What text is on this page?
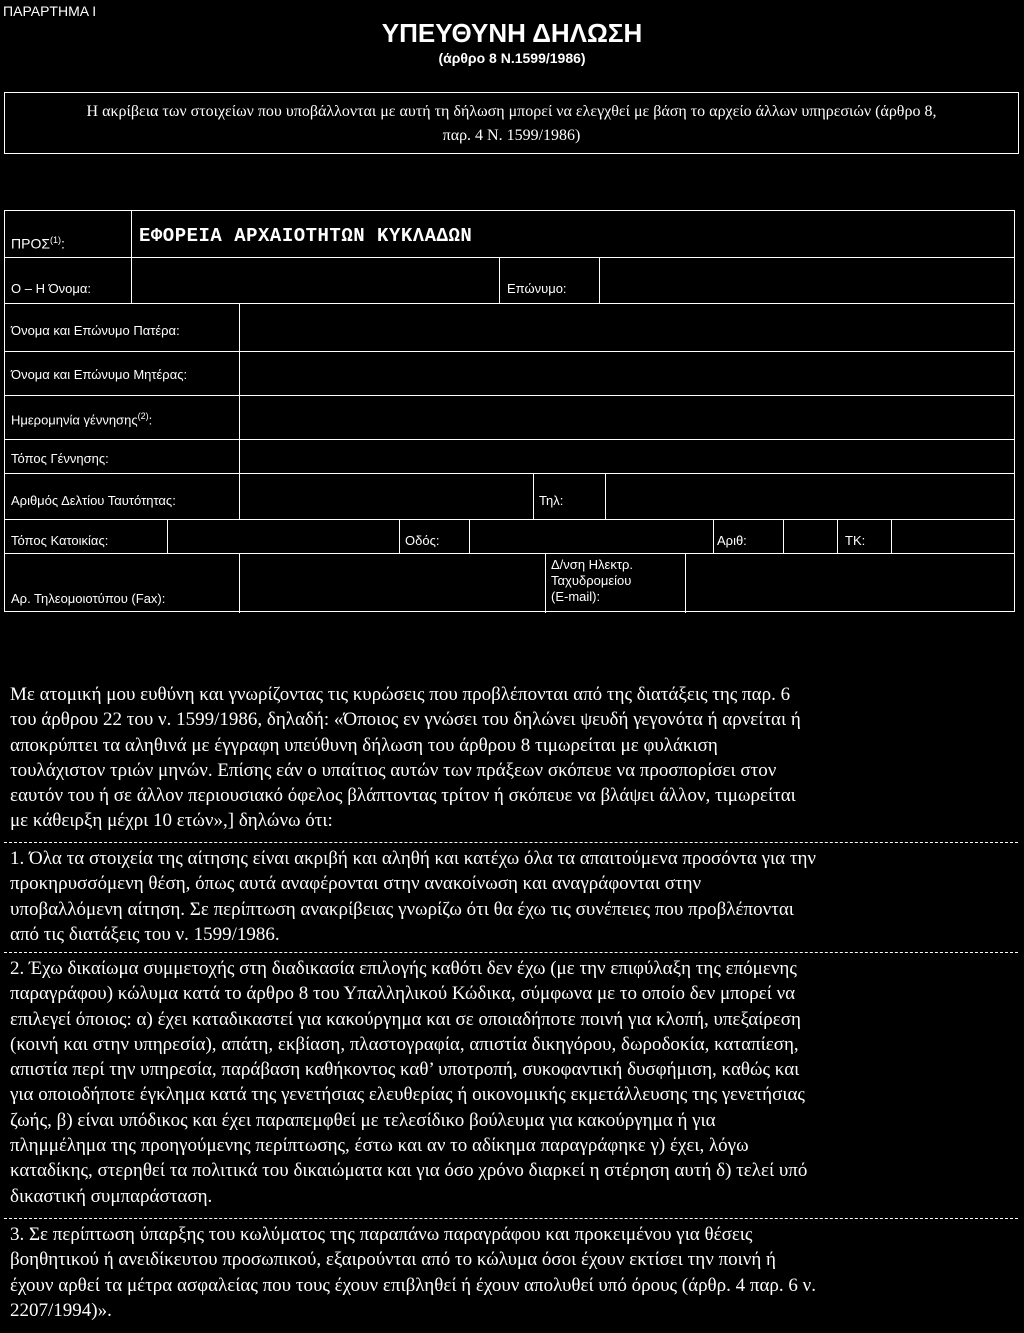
ΠΑΡΑΡΤΗΜΑ Ι
ΥΠΕΥΘΥΝΗ ΔΗΛΩΣΗ
(άρθρο 8 Ν.1599/1986)
Η ακρίβεια των στοιχείων που υποβάλλονται με αυτή τη δήλωση μπορεί να ελεγχθεί με βάση το αρχείο άλλων υπηρεσιών (άρθρο 8,
παρ. 4 Ν. 1599/1986)
ΠΡΟΣ$^{(1)}$:	ΕΦΟΡΕΙΑ ΑΡΧΑΙΟΤΗΤΩΝ ΚΥΚΛΑΔΩΝ
Ο – Η Όνομα:	Επώνυμο:
Όνομα και Επώνυμο Πατέρα:
Όνομα και Επώνυμο Μητέρας:
Ημερομηνία γέννησης$^{(2)}$:
Τόπος Γέννησης:
Αριθμός Δελτίου Ταυτότητας:	Τηλ:
Τόπος Κατοικίας:	Οδός:	Αριθ:	ΤΚ:
Αρ. Τηλεομοιοτύπου (Fax):
Δ/νση Ηλεκτρ.
Ταχυδρομείου
(E-mail):
Με ατομική μου ευθύνη και γνωρίζοντας τις κυρώσεις που προβλέπονται από της διατάξεις της παρ. 6
του άρθρου 22 του ν. 1599/1986, δηλαδή: «Όποιος εν γνώσει του δηλώνει ψευδή γεγονότα ή αρνείται ή
αποκρύπτει τα αληθινά με έγγραφη υπεύθυνη δήλωση του άρθρου 8 τιμωρείται με φυλάκιση
τουλάχιστον τριών μηνών. Επίσης εάν ο υπαίτιος αυτών των πράξεων σκόπευε να προσπορίσει στον
εαυτόν του ή σε άλλον περιουσιακό όφελος βλάπτοντας τρίτον ή σκόπευε να βλάψει άλλον, τιμωρείται
με κάθειρξη μέχρι 10 ετών»,] δηλώνω ότι:
1. Όλα τα στοιχεία της αίτησης είναι ακριβή και αληθή και κατέχω όλα τα απαιτούμενα προσόντα για την
προκηρυσσόμενη θέση, όπως αυτά αναφέρονται στην ανακοίνωση και αναγράφονται στην
υποβαλλόμενη αίτηση. Σε περίπτωση ανακρίβειας γνωρίζω ότι θα έχω τις συνέπειες που προβλέπονται
από τις διατάξεις του ν. 1599/1986.
2. Έχω δικαίωμα συμμετοχής στη διαδικασία επιλογής καθότι δεν έχω (με την επιφύλαξη της επόμενης
παραγράφου) κώλυμα κατά το άρθρο 8 του Υπαλληλικού Κώδικα, σύμφωνα με το οποίο δεν μπορεί να
επιλεγεί όποιος: α) έχει καταδικαστεί για κακούργημα και σε οποιαδήποτε ποινή για κλοπή, υπεξαίρεση
(κοινή και στην υπηρεσία), απάτη, εκβίαση, πλαστογραφία, απιστία δικηγόρου, δωροδοκία, καταπίεση,
απιστία περί την υπηρεσία, παράβαση καθήκοντος καθ’ υποτροπή, συκοφαντική δυσφήμιση, καθώς και
για οποιοδήποτε έγκλημα κατά της γενετήσιας ελευθερίας ή οικονομικής εκμετάλλευσης της γενετήσιας
ζωής, β) είναι υπόδικος και έχει παραπεμφθεί με τελεσίδικο βούλευμα για κακούργημα ή για
πλημμέλημα της προηγούμενης περίπτωσης, έστω και αν το αδίκημα παραγράφηκε γ) έχει, λόγω
καταδίκης, στερηθεί τα πολιτικά του δικαιώματα και για όσο χρόνο διαρκεί η στέρηση αυτή δ) τελεί υπό
δικαστική συμπαράσταση.
3. Σε περίπτωση ύπαρξης του κωλύματος της παραπάνω παραγράφου και προκειμένου για θέσεις
βοηθητικού ή ανειδίκευτου προσωπικού, εξαιρούνται από το κώλυμα όσοι έχουν εκτίσει την ποινή ή
έχουν αρθεί τα μέτρα ασφαλείας που τους έχουν επιβληθεί ή έχουν απολυθεί υπό όρους (άρθρ. 4 παρ. 6 ν.
2207/1994)».
